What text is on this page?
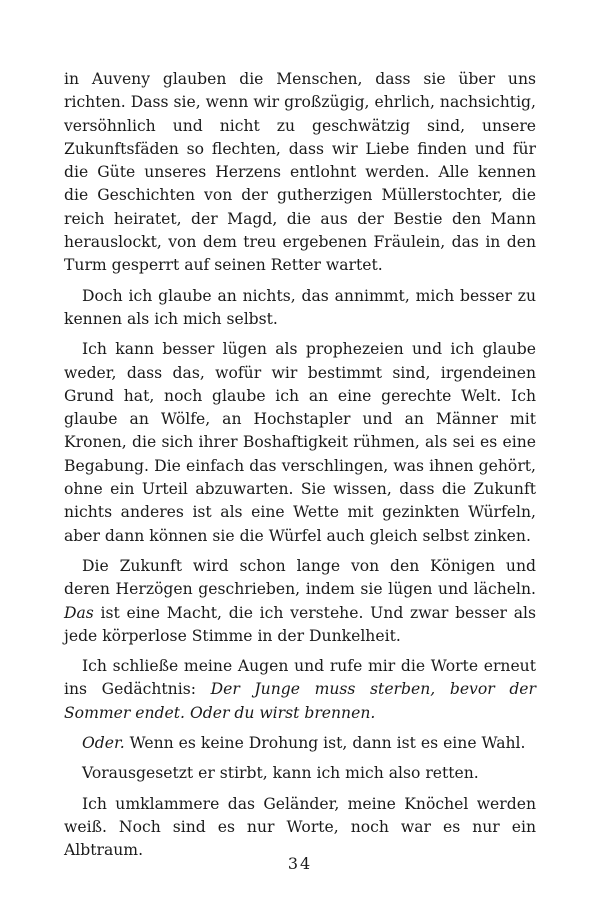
in Auveny glauben die Menschen, dass sie über uns richten. Dass sie, wenn wir großzügig, ehrlich, nachsichtig, versöhnlich und nicht zu geschwätzig sind, unsere Zukunftsfäden so flechten, dass wir Liebe finden und für die Güte unseres Herzens entlohnt werden. Alle kennen die Geschichten von der gutherzigen Müllerstochter, die reich heiratet, der Magd, die aus der Bestie den Mann herauslockt, von dem treu ergebenen Fräulein, das in den Turm gesperrt auf seinen Retter wartet.

Doch ich glaube an nichts, das annimmt, mich besser zu kennen als ich mich selbst.

Ich kann besser lügen als prophezeien und ich glaube weder, dass das, wofür wir bestimmt sind, irgendeinen Grund hat, noch glaube ich an eine gerechte Welt. Ich glaube an Wölfe, an Hochstapler und an Männer mit Kronen, die sich ihrer Boshaftigkeit rühmen, als sei es eine Begabung. Die einfach das verschlingen, was ihnen gehört, ohne ein Urteil abzuwarten. Sie wissen, dass die Zukunft nichts anderes ist als eine Wette mit gezinkten Würfeln, aber dann können sie die Würfel auch gleich selbst zinken.

Die Zukunft wird schon lange von den Königen und deren Herzögen geschrieben, indem sie lügen und lächeln. Das ist eine Macht, die ich verstehe. Und zwar besser als jede körperlose Stimme in der Dunkelheit.

Ich schließe meine Augen und rufe mir die Worte erneut ins Gedächtnis: Der Junge muss sterben, bevor der Sommer endet. Oder du wirst brennen.

Oder. Wenn es keine Drohung ist, dann ist es eine Wahl.

Vorausgesetzt er stirbt, kann ich mich also retten.

Ich umklammere das Geländer, meine Knöchel werden weiß. Noch sind es nur Worte, noch war es nur ein Albtraum.

34
